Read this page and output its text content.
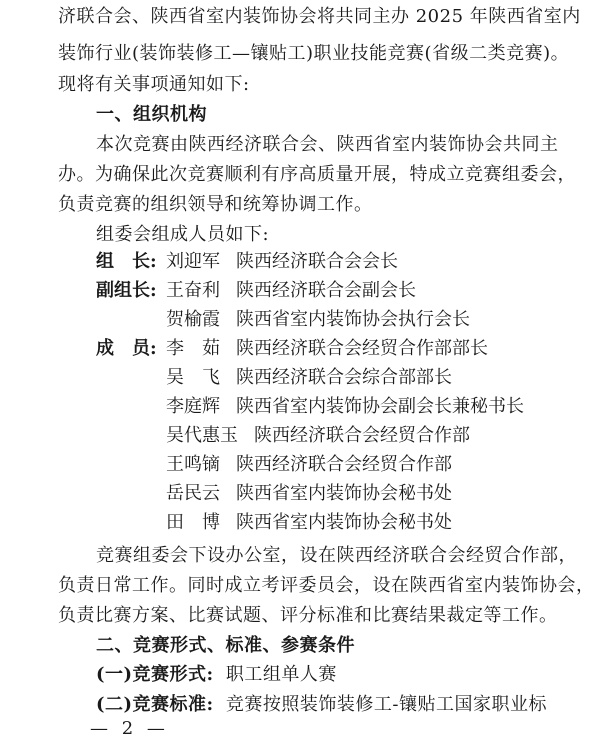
济联合会、陕西省室内装饰协会将共同主办 2025 年陕西省室内
装饰行业(装饰装修工—镶贴工)职业技能竞赛(省级二类竞赛)。
现将有关事项通知如下:
一、组织机构
本次竞赛由陕西经济联合会、陕西省室内装饰协会共同主
办。为确保此次竞赛顺利有序高质量开展，特成立竞赛组委会，
负责竞赛的组织领导和统筹协调工作。
组委会组成人员如下:
组　长: 刘迎军 陕西经济联合会会长
副组长: 王奋利 陕西经济联合会副会长
贺榆霞 陕西省室内装饰协会执行会长
成　员: 李　茹 陕西经济联合会经贸合作部部长
吴　飞 陕西经济联合会综合部部长
李庭辉 陕西省室内装饰协会副会长兼秘书长
吴代惠玉 陕西经济联合会经贸合作部
王鸣镝 陕西经济联合会经贸合作部
岳民云 陕西省室内装饰协会秘书处
田　博 陕西省室内装饰协会秘书处
竞赛组委会下设办公室，设在陕西经济联合会经贸合作部，
负责日常工作。同时成立考评委员会，设在陕西省室内装饰协会，
负责比赛方案、比赛试题、评分标准和比赛结果裁定等工作。
二、竞赛形式、标准、参赛条件
(一)竞赛形式: 职工组单人赛
(二)竞赛标准: 竞赛按照装饰装修工-镶贴工国家职业标
— 2 —
